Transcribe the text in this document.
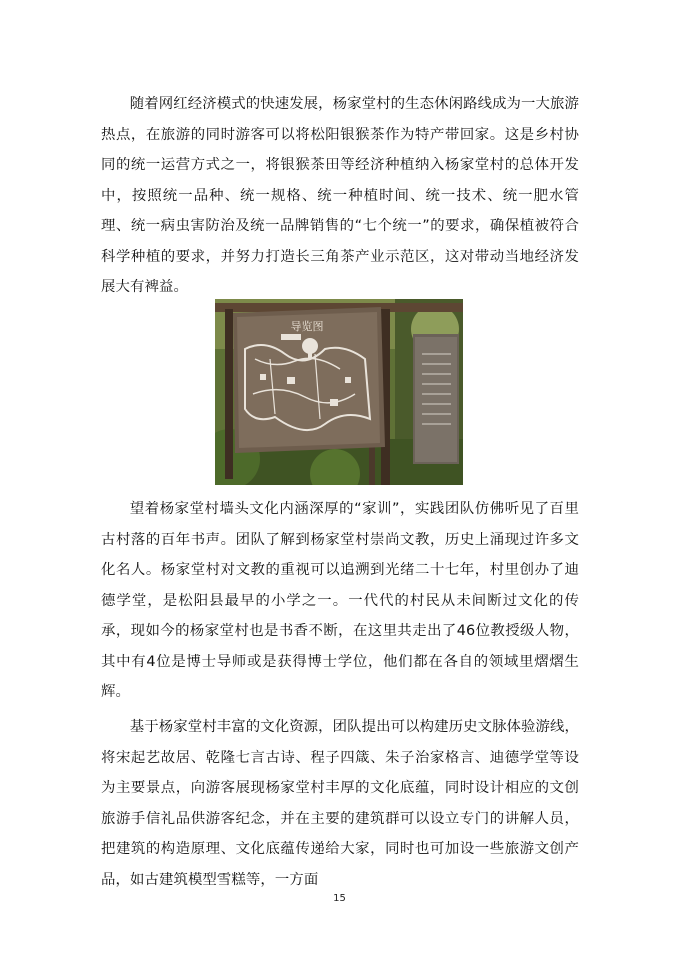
随着网红经济模式的快速发展，杨家堂村的生态休闲路线成为一大旅游热点，在旅游的同时游客可以将松阳银猴茶作为特产带回家。这是乡村协同的统一运营方式之一，将银猴茶田等经济种植纳入杨家堂村的总体开发中，按照统一品种、统一规格、统一种植时间、统一技术、统一肥水管理、统一病虫害防治及统一品牌销售的“七个统一”的要求，确保植被符合科学种植的要求，并努力打造长三角茶产业示范区，这对带动当地经济发展大有裨益。

导览图

望着杨家堂村墙头文化内涵深厚的“家训”，实践团队仿佛听见了百里古村落的百年书声。团队了解到杨家堂村崇尚文教，历史上涌现过许多文化名人。杨家堂村对文教的重视可以追溯到光绪二十七年，村里创办了迪德学堂，是松阳县最早的小学之一。一代代的村民从未间断过文化的传承，现如今的杨家堂村也是书香不断，在这里共走出了46位教授级人物，其中有4位是博士导师或是获得博士学位，他们都在各自的领域里熠熠生辉。

基于杨家堂村丰富的文化资源，团队提出可以构建历史文脉体验游线，将宋起艺故居、乾隆七言古诗、程子四箴、朱子治家格言、迪德学堂等设为主要景点，向游客展现杨家堂村丰厚的文化底蕴，同时设计相应的文创旅游手信礼品供游客纪念，并在主要的建筑群可以设立专门的讲解人员，把建筑的构造原理、文化底蕴传递给大家，同时也可加设一些旅游文创产品，如古建筑模型雪糕等，一方面

15
